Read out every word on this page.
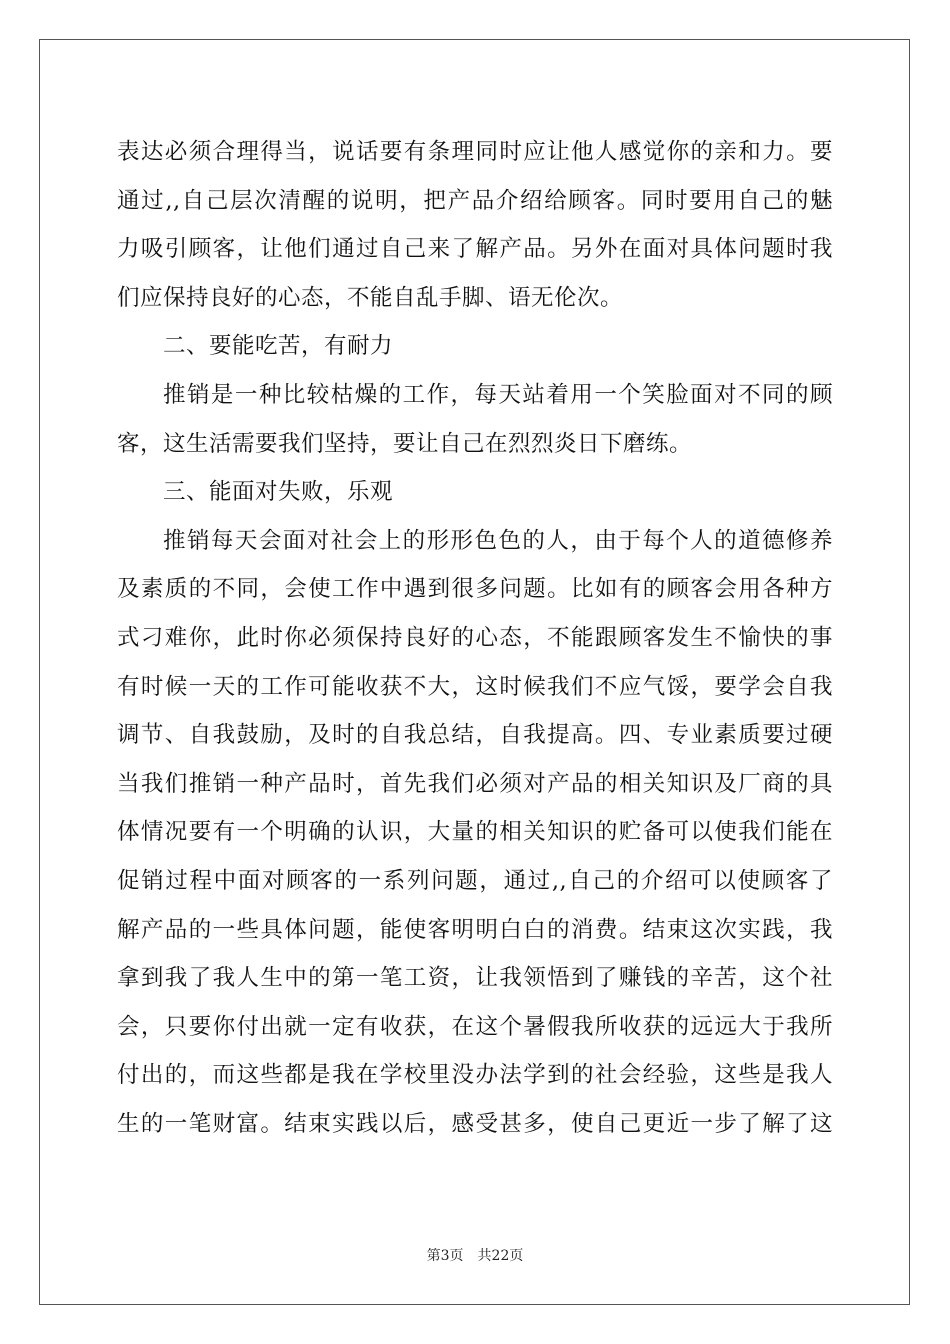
表达必须合理得当，说话要有条理同时应让他人感觉你的亲和力。要
通过,,自己层次清醒的说明，把产品介绍给顾客。同时要用自己的魅
力吸引顾客，让他们通过自己来了解产品。另外在面对具体问题时我
们应保持良好的心态，不能自乱手脚、语无伦次。
二、要能吃苦，有耐力
推销是一种比较枯燥的工作，每天站着用一个笑脸面对不同的顾
客，这生活需要我们坚持，要让自己在烈烈炎日下磨练。
三、能面对失败，乐观
推销每天会面对社会上的形形色色的人，由于每个人的道德修养
及素质的不同，会使工作中遇到很多问题。比如有的顾客会用各种方
式刁难你，此时你必须保持良好的心态，不能跟顾客发生不愉快的事
有时候一天的工作可能收获不大，这时候我们不应气馁，要学会自我
调节、自我鼓励，及时的自我总结，自我提高。四、专业素质要过硬
当我们推销一种产品时，首先我们必须对产品的相关知识及厂商的具
体情况要有一个明确的认识，大量的相关知识的贮备可以使我们能在
促销过程中面对顾客的一系列问题，通过,,自己的介绍可以使顾客了
解产品的一些具体问题，能使客明明白白的消费。结束这次实践，我
拿到我了我人生中的第一笔工资，让我领悟到了赚钱的辛苦，这个社
会，只要你付出就一定有收获，在这个暑假我所收获的远远大于我所
付出的，而这些都是我在学校里没办法学到的社会经验，这些是我人
生的一笔财富。结束实践以后，感受甚多，使自己更近一步了解了这
第3页 共22页
